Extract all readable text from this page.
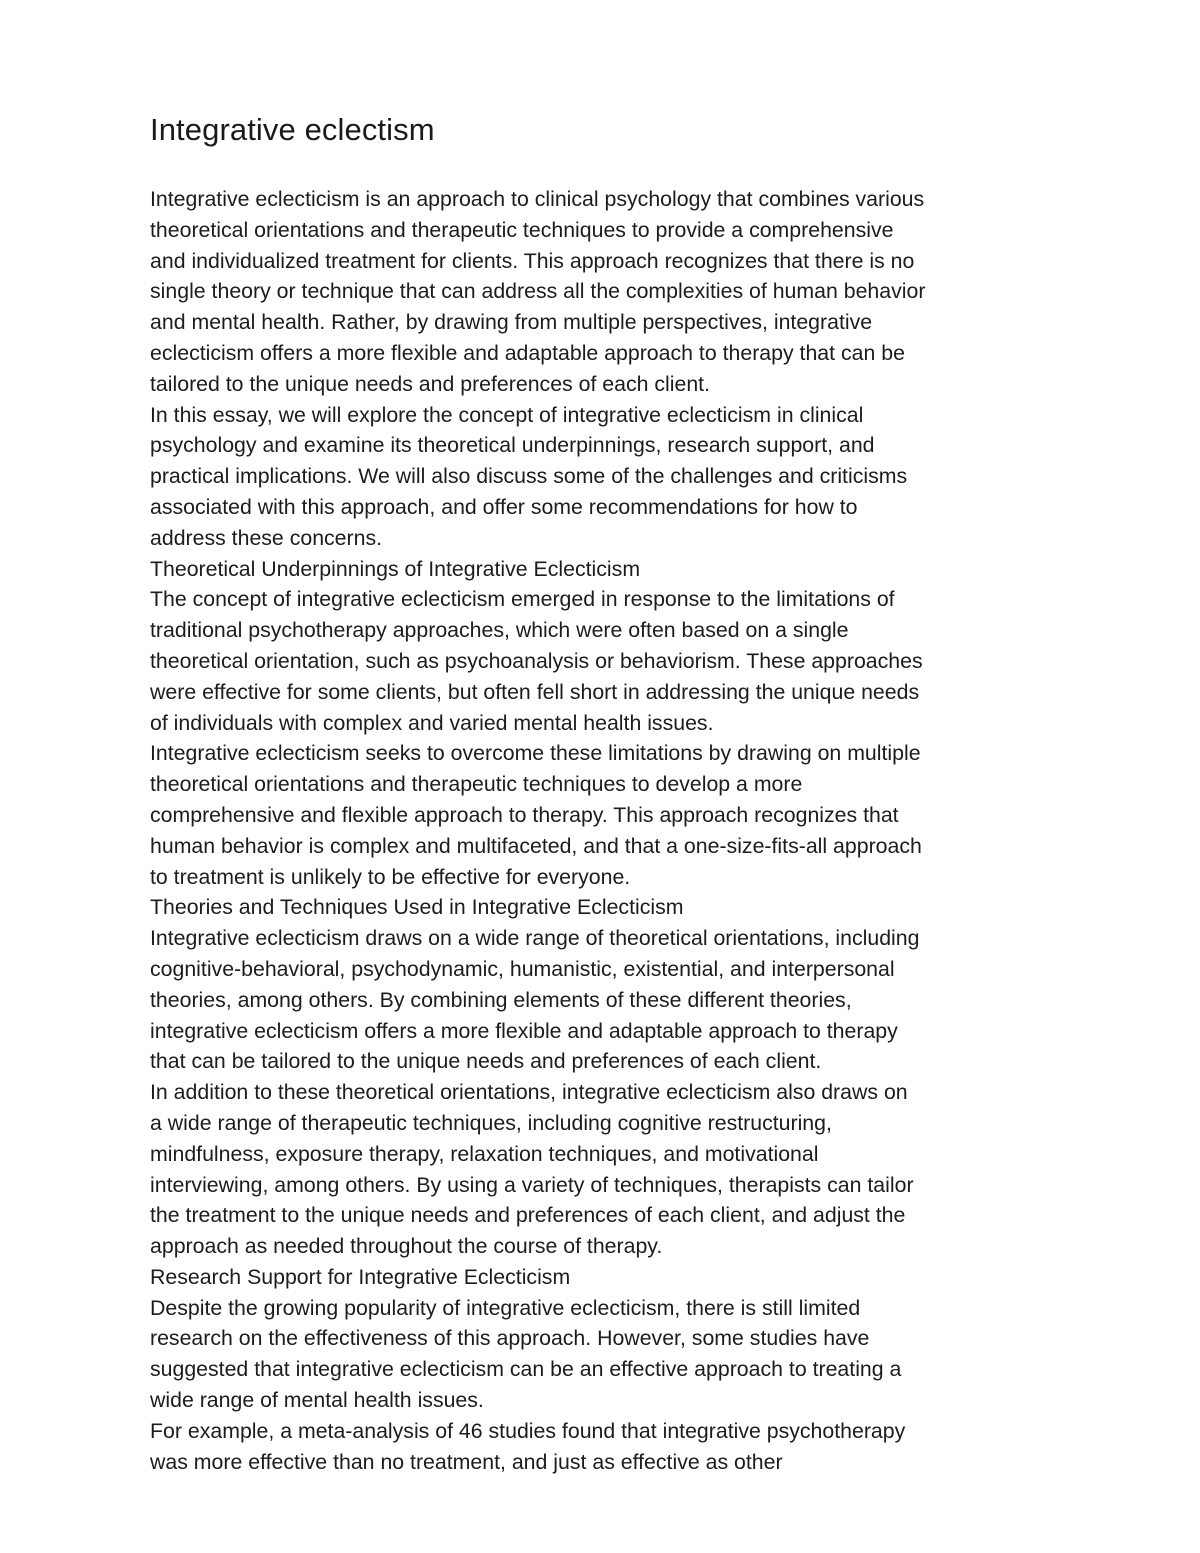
Integrative eclectism

Integrative eclecticism is an approach to clinical psychology that combines various

theoretical orientations and therapeutic techniques to provide a comprehensive

and individualized treatment for clients. This approach recognizes that there is no

single theory or technique that can address all the complexities of human behavior

and mental health. Rather, by drawing from multiple perspectives, integrative

eclecticism offers a more flexible and adaptable approach to therapy that can be

tailored to the unique needs and preferences of each client.

In this essay, we will explore the concept of integrative eclecticism in clinical

psychology and examine its theoretical underpinnings, research support, and

practical implications. We will also discuss some of the challenges and criticisms

associated with this approach, and offer some recommendations for how to

address these concerns.

Theoretical Underpinnings of Integrative Eclecticism

The concept of integrative eclecticism emerged in response to the limitations of

traditional psychotherapy approaches, which were often based on a single

theoretical orientation, such as psychoanalysis or behaviorism. These approaches

were effective for some clients, but often fell short in addressing the unique needs

of individuals with complex and varied mental health issues.

Integrative eclecticism seeks to overcome these limitations by drawing on multiple

theoretical orientations and therapeutic techniques to develop a more

comprehensive and flexible approach to therapy. This approach recognizes that

human behavior is complex and multifaceted, and that a one-size-fits-all approach

to treatment is unlikely to be effective for everyone.

Theories and Techniques Used in Integrative Eclecticism

Integrative eclecticism draws on a wide range of theoretical orientations, including

cognitive-behavioral, psychodynamic, humanistic, existential, and interpersonal

theories, among others. By combining elements of these different theories,

integrative eclecticism offers a more flexible and adaptable approach to therapy

that can be tailored to the unique needs and preferences of each client.

In addition to these theoretical orientations, integrative eclecticism also draws on

a wide range of therapeutic techniques, including cognitive restructuring,

mindfulness, exposure therapy, relaxation techniques, and motivational

interviewing, among others. By using a variety of techniques, therapists can tailor

the treatment to the unique needs and preferences of each client, and adjust the

approach as needed throughout the course of therapy.

Research Support for Integrative Eclecticism

Despite the growing popularity of integrative eclecticism, there is still limited

research on the effectiveness of this approach. However, some studies have

suggested that integrative eclecticism can be an effective approach to treating a

wide range of mental health issues.

For example, a meta-analysis of 46 studies found that integrative psychotherapy

was more effective than no treatment, and just as effective as other
